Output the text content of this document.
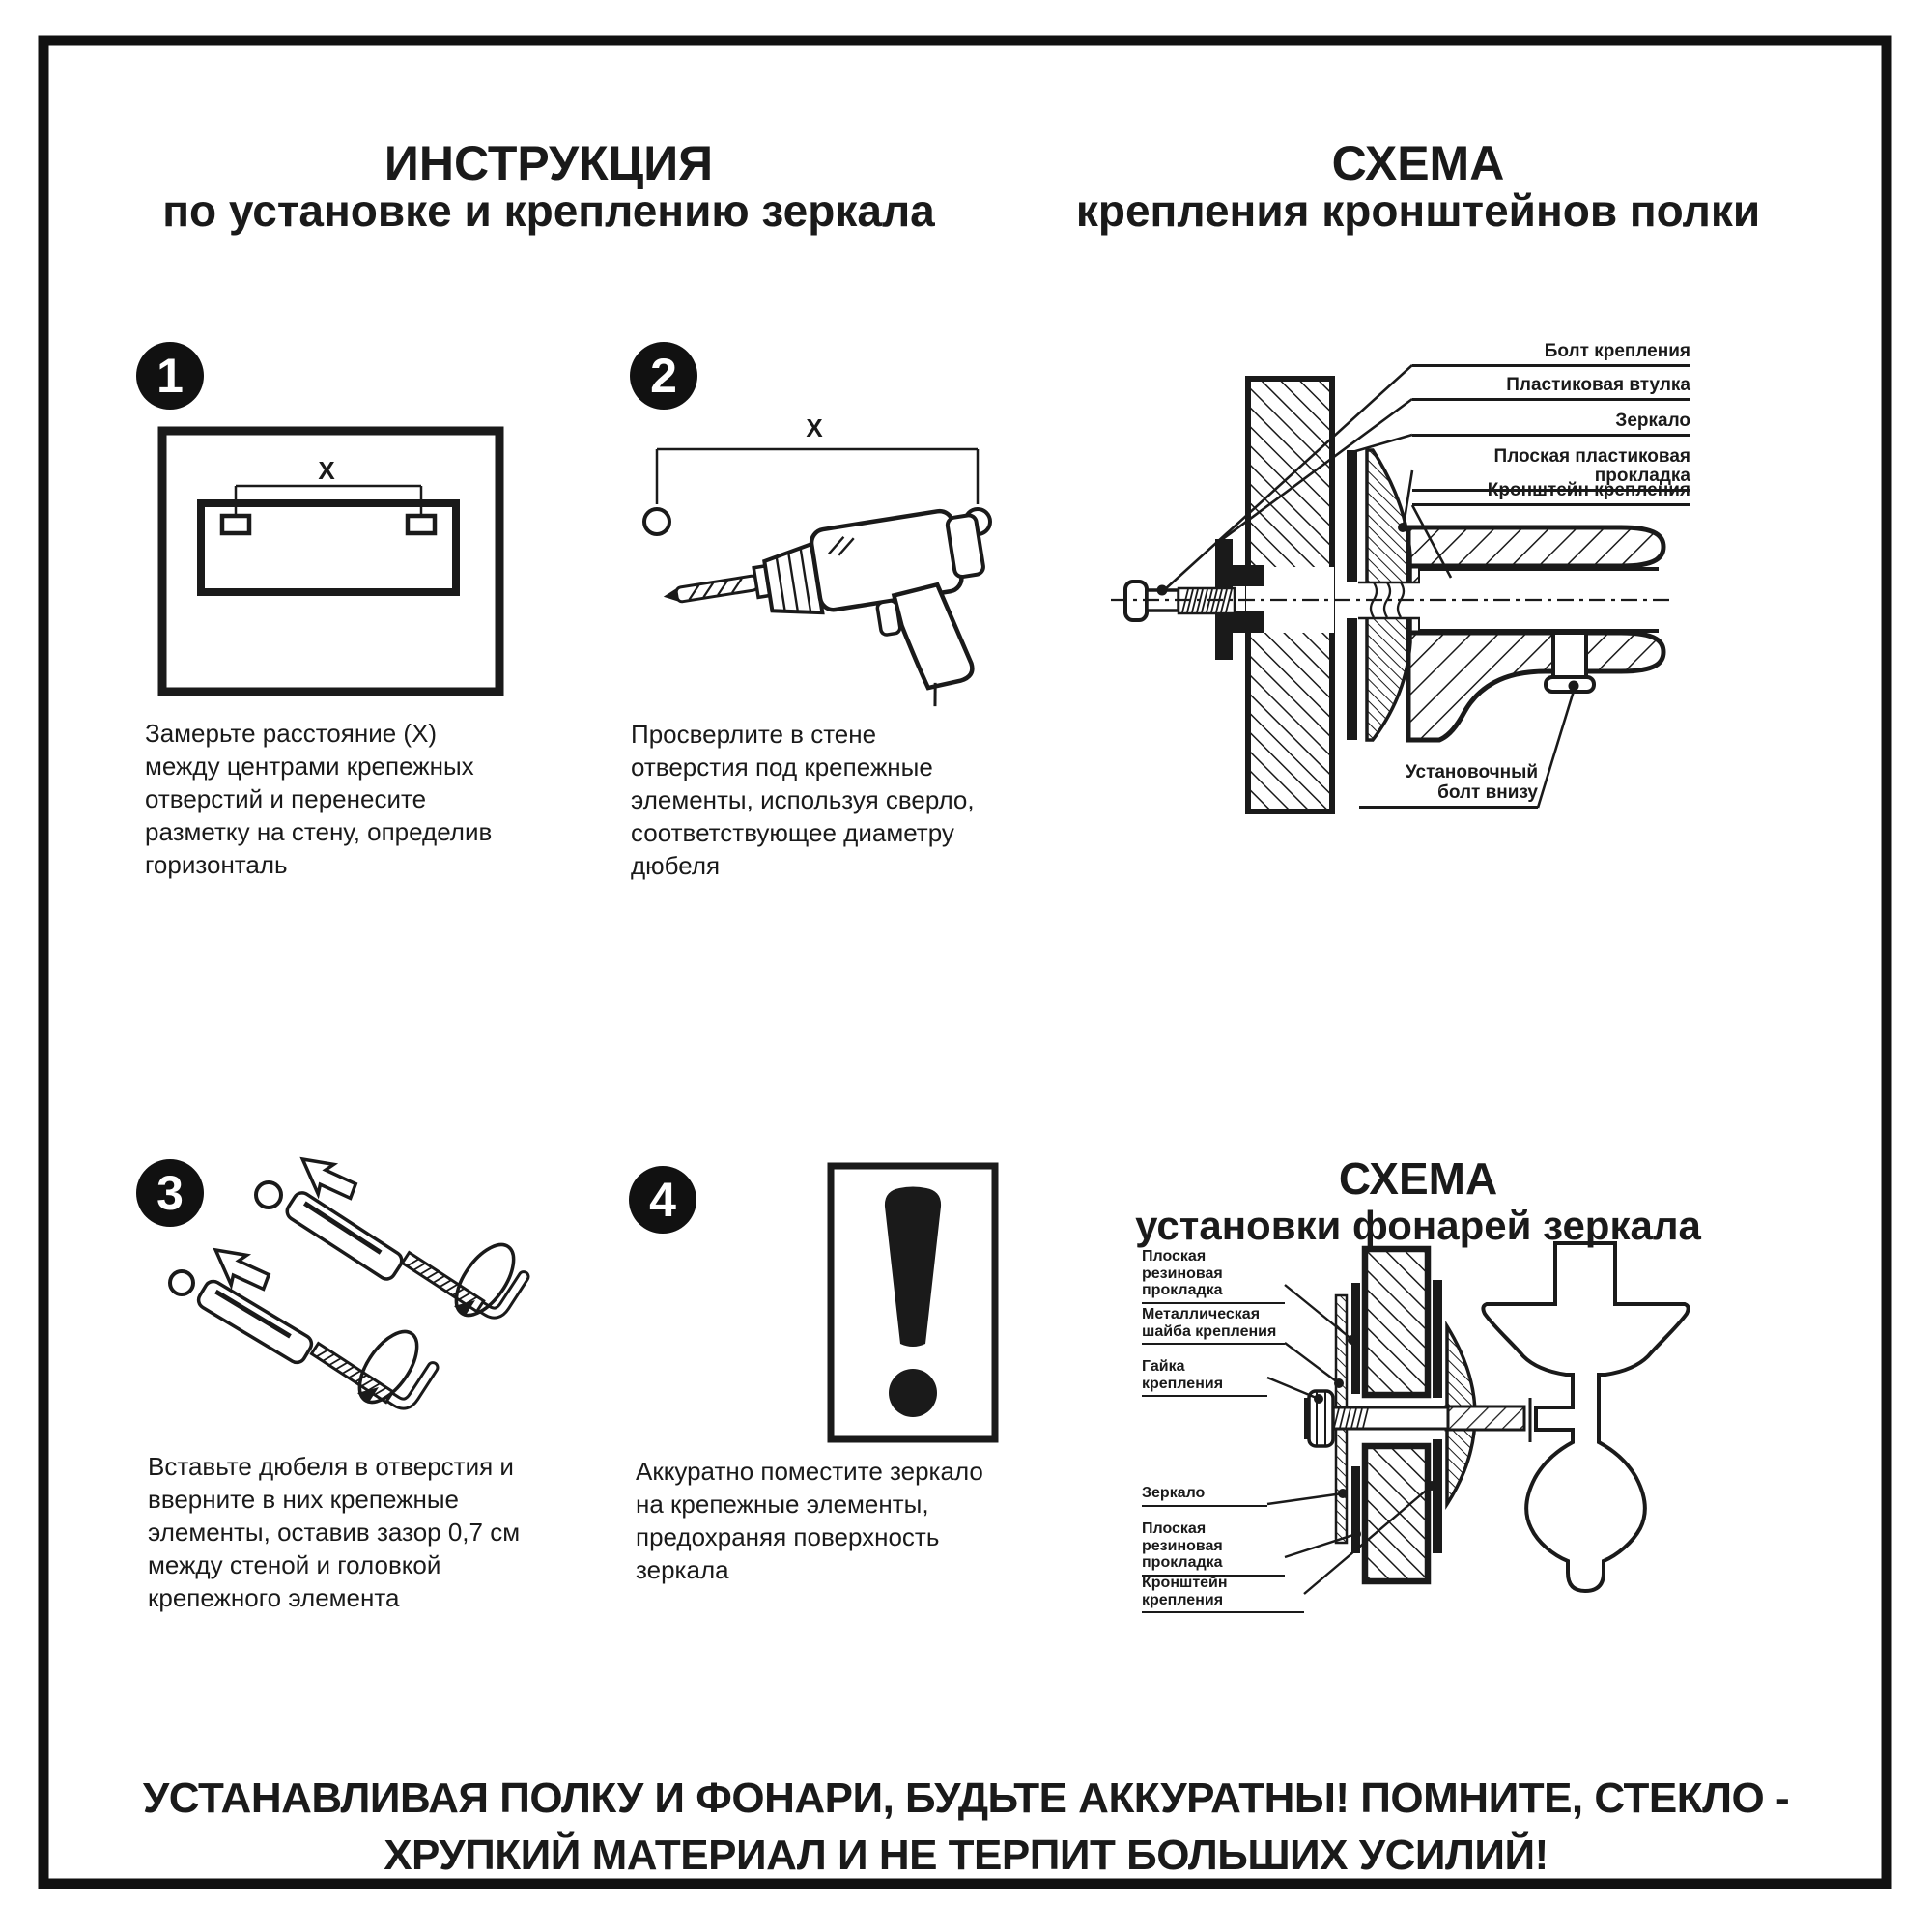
X
X
ИНСТРУКЦИЯ
по установке и креплению зеркала
СХЕМА
крепления кронштейнов полки
СХЕМА
установки фонарей зеркала
1	2
3	4
Замерьте расстояние (X) между центрами крепежных отверстий и перенесите разметку на стену, определив горизонталь
Просверлите в стене отверстия под крепежные элементы, используя сверло, соответствующее диаметру дюбеля
Вставьте дюбеля в отверстия и вверните в них крепежные элементы, оставив зазор 0,7 см между стеной и головкой крепежного элемента
Аккуратно поместите зеркало на крепежные элементы, предохраняя поверхность зеркала
Болт крепления
Пластиковая втулка
Зеркало
Плоская пластиковая прокладка
Кронштейн крепления
Установочный болт внизу
Плоская резиновая прокладка
Металлическая шайба крепления
Гайка крепления
Зеркало
Плоская резиновая прокладка
Кронштейн крепления
УСТАНАВЛИВАЯ ПОЛКУ И ФОНАРИ, БУДЬТЕ АККУРАТНЫ! ПОМНИТЕ, СТЕКЛО -
ХРУПКИЙ МАТЕРИАЛ И НЕ ТЕРПИТ БОЛЬШИХ УСИЛИЙ!
